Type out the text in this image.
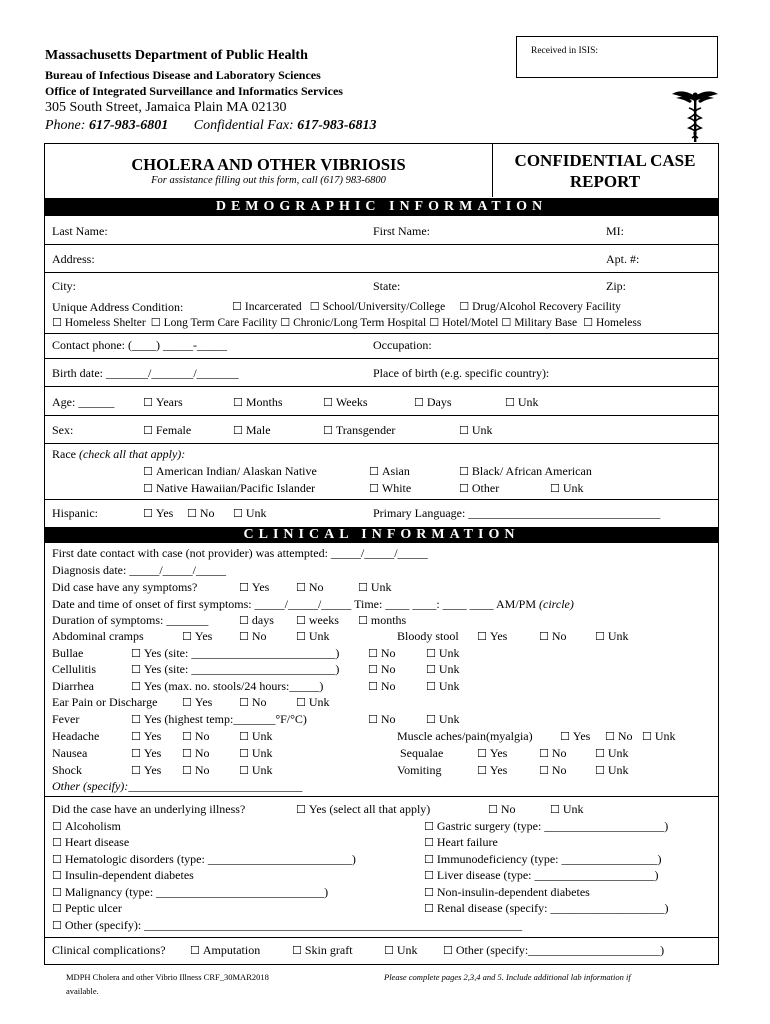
Massachusetts Department of Public Health
Bureau of Infectious Disease and Laboratory Sciences
Office of Integrated Surveillance and Informatics Services
305 South Street, Jamaica Plain MA 02130
Phone: 617-983-6801 Confidential Fax: 617-983-6813
Received in ISIS:
CHOLERA AND OTHER VIBRIOSIS
For assistance filling out this form, call (617) 983-6800
CONFIDENTIAL CASE
REPORT
DEMOGRAPHIC INFORMATION
Last Name:	First Name:	MI:
Address:	Apt. #:
City:	State:	Zip:
Unique Address Condition:	☐ Incarcerated ☐ School/University/College ☐ Drug/Alcohol Recovery Facility
☐ Homeless Shelter ☐ Long Term Care Facility ☐ Chronic/Long Term Hospital ☐ Hotel/Motel ☐ Military Base ☐ Homeless
Contact phone: (____) _____-_____	Occupation:
Birth date: _______/_______/_______	Place of birth (e.g. specific country):
Age: ______	☐ Years	☐ Months	☐ Weeks	☐ Days	☐ Unk
Sex:	☐ Female	☐ Male	☐ Transgender	☐ Unk
Race (check all that apply):
☐ American Indian/ Alaskan Native	☐ Asian	☐ Black/ African American
☐ Native Hawaiian/Pacific Islander	☐ White	☐ Other	☐ Unk
Hispanic:	☐ Yes	☐ No	☐ Unk	Primary Language: ________________________________
CLINICAL INFORMATION
First date contact with case (not provider) was attempted: _____/_____/_____
Diagnosis date: _____/_____/_____
Did case have any symptoms?	☐ Yes	☐ No	☐ Unk
Date and time of onset of first symptoms: _____/_____/_____ Time: ____ ____: ____ ____ AM/PM (circle)
Duration of symptoms: _______	☐ days	☐ weeks	☐ months
Abdominal cramps	☐ Yes	☐ No	☐ Unk	Bloody stool	☐ Yes	☐ No	☐ Unk
Bullae	☐ Yes (site: ________________________)	☐ No	☐ Unk
Cellulitis	☐ Yes (site: ________________________)	☐ No	☐ Unk
Diarrhea	☐ Yes (max. no. stools/24 hours:_____)	☐ No	☐ Unk
Ear Pain or Discharge	☐ Yes	☐ No	☐ Unk
Fever	☐ Yes (highest temp:_______°F/°C)	☐ No	☐ Unk
Headache	☐ Yes	☐ No	☐ Unk	Muscle aches/pain(myalgia)	☐ Yes	☐ No	☐ Unk
Nausea	☐ Yes	☐ No	☐ Unk	Sequalae	☐ Yes	☐ No	☐ Unk
Shock	☐ Yes	☐ No	☐ Unk	Vomiting	☐ Yes	☐ No	☐ Unk
Other (specify):_____________________________
Did the case have an underlying illness?	☐ Yes (select all that apply)	☐ No	☐ Unk
☐ Alcoholism
☐ Heart disease
☐ Hematologic disorders (type: ________________________)
☐ Insulin-dependent diabetes
☐ Malignancy (type: ____________________________)
☐ Peptic ulcer
☐ Other (specify): _______________________________________________________________
☐ Gastric surgery (type: ____________________)
☐ Heart failure
☐ Immunodeficiency (type: ________________)
☐ Liver disease (type: ____________________)
☐ Non-insulin-dependent diabetes
☐ Renal disease (specify: ___________________)
Clinical complications?	☐ Amputation	☐ Skin graft	☐ Unk	☐ Other (specify:______________________)
MDPH Cholera and other Vibrio Illness CRF_30MAR2018
available.
Please complete pages 2,3,4 and 5. Include additional lab information if
